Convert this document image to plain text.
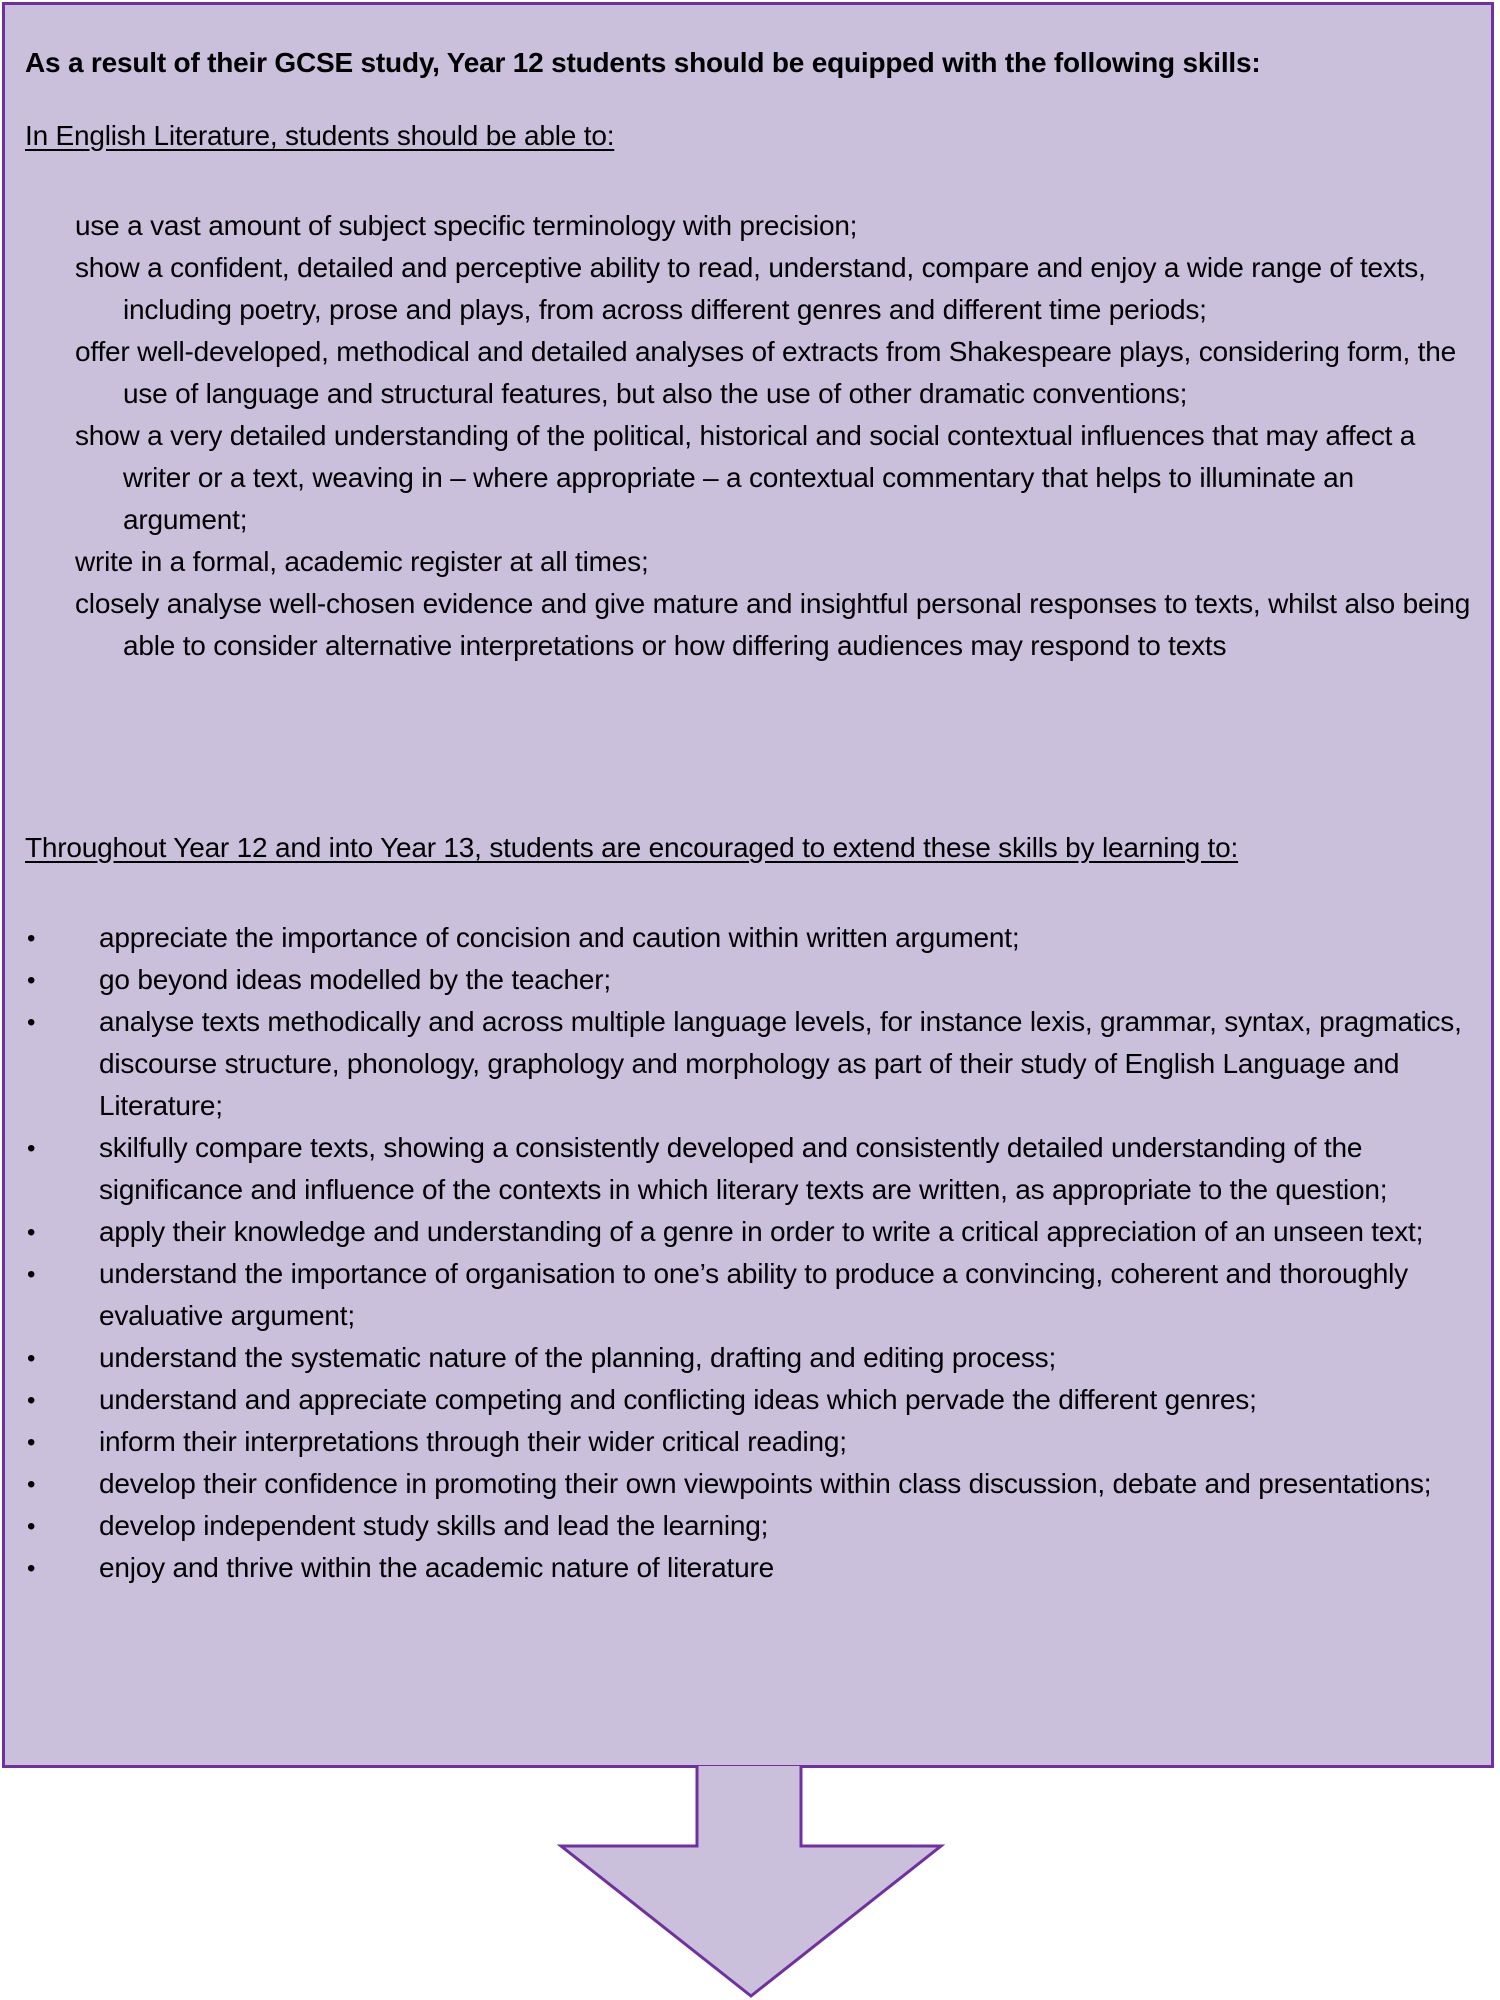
As a result of their GCSE study, Year 12 students should be equipped with the following skills:
In English Literature, students should be able to:
use a vast amount of subject specific terminology with precision;
show a confident, detailed and perceptive ability to read, understand, compare and enjoy a wide range of texts, including poetry, prose and plays, from across different genres and different time periods;
offer well-developed, methodical and detailed analyses of extracts from Shakespeare plays, considering form, the use of language and structural features, but also the use of other dramatic conventions;
show a very detailed understanding of the political, historical and social contextual influences that may affect a writer or a text, weaving in – where appropriate – a contextual commentary that helps to illuminate an argument;
write in a formal, academic register at all times;
closely analyse well-chosen evidence and give mature and insightful personal responses to texts, whilst also being able to consider alternative interpretations or how differing audiences may respond to texts
Throughout Year 12 and into Year 13, students are encouraged to extend these skills by learning to:
• appreciate the importance of concision and caution within written argument;
• go beyond ideas modelled by the teacher;
• analyse texts methodically and across multiple language levels, for instance lexis, grammar, syntax, pragmatics, discourse structure, phonology, graphology and morphology as part of their study of English Language and Literature;
• skilfully compare texts, showing a consistently developed and consistently detailed understanding of the significance and influence of the contexts in which literary texts are written, as appropriate to the question;
• apply their knowledge and understanding of a genre in order to write a critical appreciation of an unseen text;
• understand the importance of organisation to one’s ability to produce a convincing, coherent and thoroughly evaluative argument;
• understand the systematic nature of the planning, drafting and editing process;
• understand and appreciate competing and conflicting ideas which pervade the different genres;
• inform their interpretations through their wider critical reading;
• develop their confidence in promoting their own viewpoints within class discussion, debate and presentations;
• develop independent study skills and lead the learning;
• enjoy and thrive within the academic nature of literature
